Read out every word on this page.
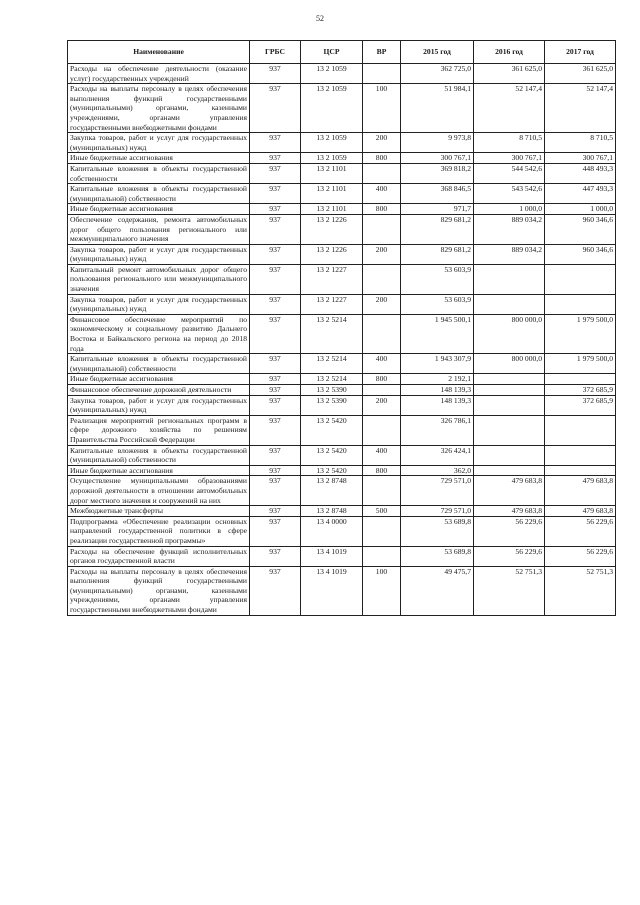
52
Наименование	ГРБС	ЦСР	ВР	2015 год	2016 год	2017 год
Расходы на обеспечение деятельности (оказание услуг) государственных учреждений	937	13 2 1059		362 725,0	361 625,0	361 625,0
Расходы на выплаты персоналу в целях обеспечения выполнения функций государственными (муниципальными) органами, казенными учреждениями, органами управления государственными внебюджетными фондами	937	13 2 1059	100	51 984,1	52 147,4	52 147,4
Закупка товаров, работ и услуг для государственных (муниципальных) нужд	937	13 2 1059	200	9 973,8	8 710,5	8 710,5
Иные бюджетные ассигнования	937	13 2 1059	800	300 767,1	300 767,1	300 767,1
Капитальные вложения в объекты государственной собственности	937	13 2 1101		369 818,2	544 542,6	448 493,3
Капитальные вложения в объекты государственной (муниципальной) собственности	937	13 2 1101	400	368 846,5	543 542,6	447 493,3
Иные бюджетные ассигнования	937	13 2 1101	800	971,7	1 000,0	1 000,0
Обеспечение содержания, ремонта автомобильных дорог общего пользования регионального или межмуниципального значения	937	13 2 1226		829 681,2	889 034,2	960 346,6
Закупка товаров, работ и услуг для государственных (муниципальных) нужд	937	13 2 1226	200	829 681,2	889 034,2	960 346,6
Капитальный ремонт автомобильных дорог общего пользования регионального или межмуниципального значения	937	13 2 1227		53 603,9		
Закупка товаров, работ и услуг для государственных (муниципальных) нужд	937	13 2 1227	200	53 603,9		
Финансовое обеспечение мероприятий по экономическому и социальному развитию Дальнего Востока и Байкальского региона на период до 2018 года	937	13 2 5214		1 945 500,1	800 000,0	1 979 500,0
Капитальные вложения в объекты государственной (муниципальной) собственности	937	13 2 5214	400	1 943 307,9	800 000,0	1 979 500,0
Иные бюджетные ассигнования	937	13 2 5214	800	2 192,1		
Финансовое обеспечение дорожной деятельности	937	13 2 5390		148 139,3		372 685,9
Закупка товаров, работ и услуг для государственных (муниципальных) нужд	937	13 2 5390	200	148 139,3		372 685,9
Реализация мероприятий региональных программ в сфере дорожного хозяйства по решениям Правительства Российской Федерации	937	13 2 5420		326 786,1		
Капитальные вложения в объекты государственной (муниципальной) собственности	937	13 2 5420	400	326 424,1		
Иные бюджетные ассигнования	937	13 2 5420	800	362,0		
Осуществление муниципальными образованиями дорожной деятельности в отношении автомобильных дорог местного значения и сооружений на них	937	13 2 8748		729 571,0	479 683,8	479 683,8
Межбюджетные трансферты	937	13 2 8748	500	729 571,0	479 683,8	479 683,8
Подпрограмма «Обеспечение реализации основных направлений государственной политики в сфере реализации государственной программы»	937	13 4 0000		53 689,8	56 229,6	56 229,6
Расходы на обеспечение функций исполнительных органов государственной власти	937	13 4 1019		53 689,8	56 229,6	56 229,6
Расходы на выплаты персоналу в целях обеспечения выполнения функций государственными (муниципальными) органами, казенными учреждениями, органами управления государственными внебюджетными фондами	937	13 4 1019	100	49 475,7	52 751,3	52 751,3
